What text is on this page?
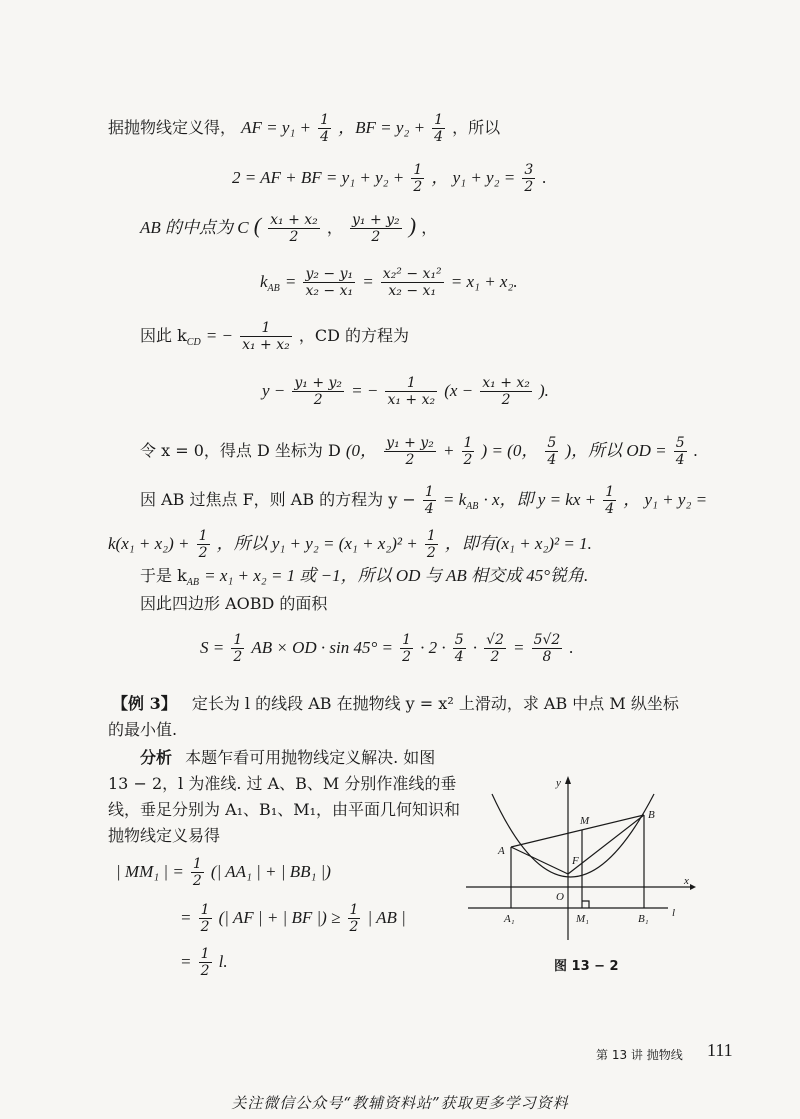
据抛物线定义得， AF = $y_1 + \frac{1}{4}$ ，BF = $y_2 + \frac{1}{4}$ ，所以
2 = AF + BF = $y_1 + y_2 + \frac{1}{2}$ ， $y_1 + y_2 = \frac{3}{2}$ .
AB 的中点为 C ( $\frac{\text{x₁ + x₂}}{2}$ ， $\frac{\text{y₁ + y₂}}{2}$ ) ，
$k_{AB} = \frac{\text{y₂ − y₁}}{\text{x₂ − x₁}} = \frac{\text{x₂² − x₁²}}{\text{x₂ − x₁}} = x_1 + x_2$.
因此 $k_{CD}$ = − $\frac{1}{\text{x₁ + x₂}}$ ，CD 的方程为
$y - \frac{\text{y₁ + y₂}}{2}$ = − $\frac{1}{\text{x₁ + x₂}} (x - \frac{\text{x₁ + x₂}}{2}$ ).
令 x = 0，得点 D 坐标为 D (0， $\frac{\text{y₁ + y₂}}{2} + \frac{1}{2}$ ) = (0， $\frac{5}{4}$ )，所以 OD = $\frac{5}{4}$ .
因 AB 过焦点 F，则 AB 的方程为 $y - \frac{1}{4} = k_{AB} \cdot x$，即 y = kx + $\frac{1}{4}$ ， y₁ + y₂ =
$k(x_1 + x_2) + \frac{1}{2}$ ，所以 $y_1 + y_2 = (x_1 + x_2)^2 + \frac{1}{2}$ ，即有(x₁ + x₂)² = 1.
于是 $k_{AB} = x_1 + x_2 = 1$ 或 −1，所以 OD 与 AB 相交成 45°锐角.
因此四边形 AOBD 的面积
$S = \frac{1}{2}$ AB × OD · $\sin 45^\circ = \frac{1}{2} \cdot 2 \cdot \frac{5}{4} \cdot \frac{√2}{2} = \frac{5√2}{8}$ .
【例 3】 定长为 l 的线段 AB 在抛物线 y = x² 上滑动，求 AB 中点 M 纵坐标
的最小值.
分析 本题乍看可用抛物线定义解决. 如图
13 − 2，l 为准线. 过 A、B、M 分别作准线的垂
线，垂足分别为 A₁、B₁、M₁，由平面几何知识和
抛物线定义易得
| MM₁ | = $\frac{1}{2}$ (| AA₁ | + | BB₁ |)
= $\frac{1}{2}$ (| AF | + | BF |) ≥ $\frac{1}{2}$ | AB |
= $\frac{1}{2} l$.
y
x
M	B
A
F
O
A₁	M₁	B₁ l
图 13 − 2
第 13 讲 抛物线 111
关注微信公众号“教辅资料站”获取更多学习资料
